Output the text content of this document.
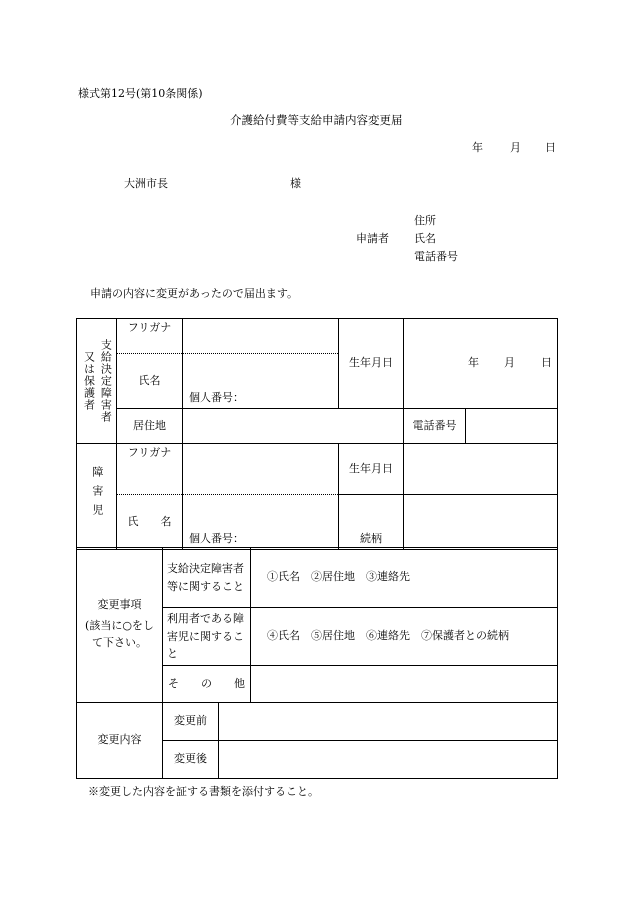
様式第12号(第10条関係)
介護給付費等支給申請内容変更届
年 月 日
大洲市長	様
住所
申請者 氏名
電話番号
申請の内容に変更があったので届出ます。
又は保護者 支給決定障害者	フリガナ		生年月日	年 月 日	

	氏名	個人番号：			
	居住地			電話番号	
障害児	フリガナ		生年月日		
	氏　　名	個人番号：	続柄		
変更事項
(該当に○をして下さい。	支給決定障害者等に関すること		①氏名　②居住地　③連絡先
	利用者である障害児に関すること		④氏名　⑤居住地　⑥連絡先　⑦保護者との続柄
	そ　　の　　他		
変更内容	変更前		
	変更後		
※変更した内容を証する書類を添付すること。
